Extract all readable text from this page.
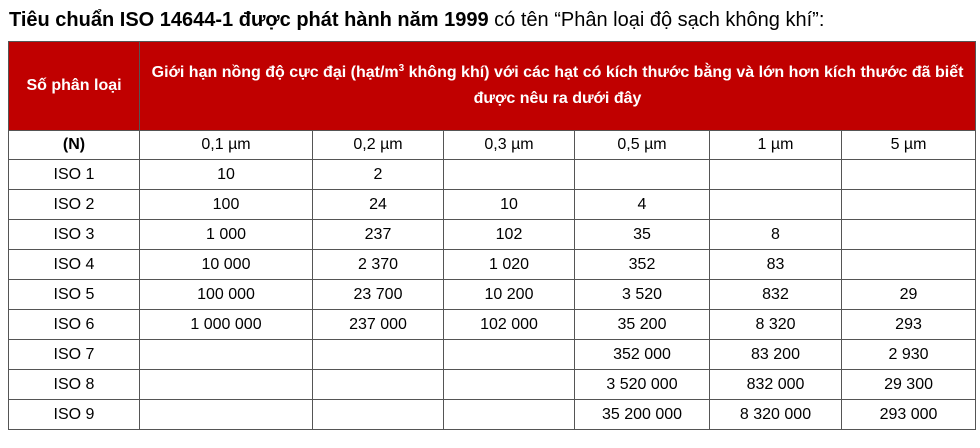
Tiêu chuẩn ISO 14644-1 được phát hành năm 1999 có tên “Phân loại độ sạch không khí”:
Số phân loại	Giới hạn nồng độ cực đại ($hạt/m^3$ không khí) với các hạt có kích thước bằng và lớn hơn kích thước đã biết được nêu ra dưới đây					
(N)	0,1 µm	0,2 µm	0,3 µm	0,5 µm	1 µm	5 µm
ISO 1	10	2				
ISO 2	100	24	10	4		
ISO 3	1 000	237	102	35	8	
ISO 4	10 000	2 370	1 020	352	83	
ISO 5	100 000	23 700	10 200	3 520	832	29
ISO 6	1 000 000	237 000	102 000	35 200	8 320	293
ISO 7				352 000	83 200	2 930
ISO 8				3 520 000	832 000	29 300
ISO 9				35 200 000	8 320 000	293 000
